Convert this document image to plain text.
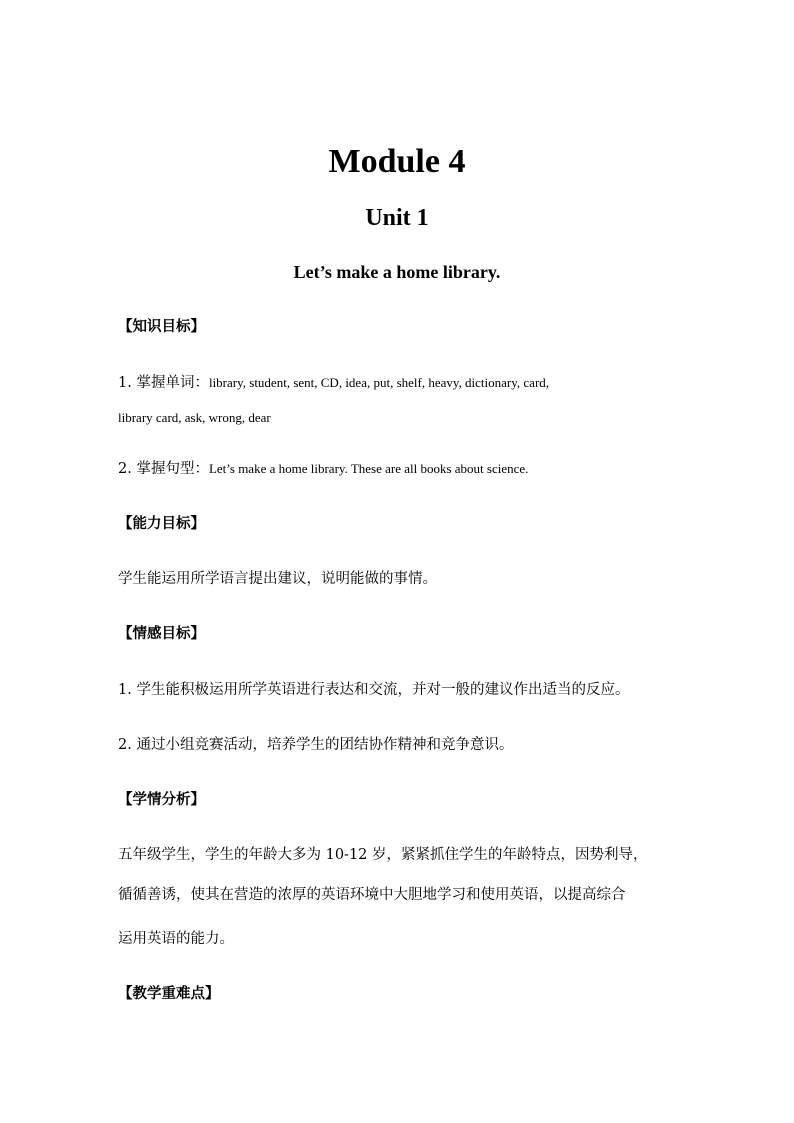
Module 4
Unit 1
Let’s make a home library.

【知识目标】

1. 掌握单词：library, student, sent, CD, idea, put, shelf, heavy, dictionary, card,

library card, ask, wrong, dear

2. 掌握句型：Let’s make a home library. These are all books about science.

【能力目标】

学生能运用所学语言提出建议，说明能做的事情。

【情感目标】

1. 学生能积极运用所学英语进行表达和交流，并对一般的建议作出适当的反应。

2. 通过小组竞赛活动，培养学生的团结协作精神和竞争意识。

【学情分析】

五年级学生，学生的年龄大多为 10-12 岁，紧紧抓住学生的年龄特点，因势利导，

循循善诱，使其在营造的浓厚的英语环境中大胆地学习和使用英语，以提高综合

运用英语的能力。

【教学重难点】
